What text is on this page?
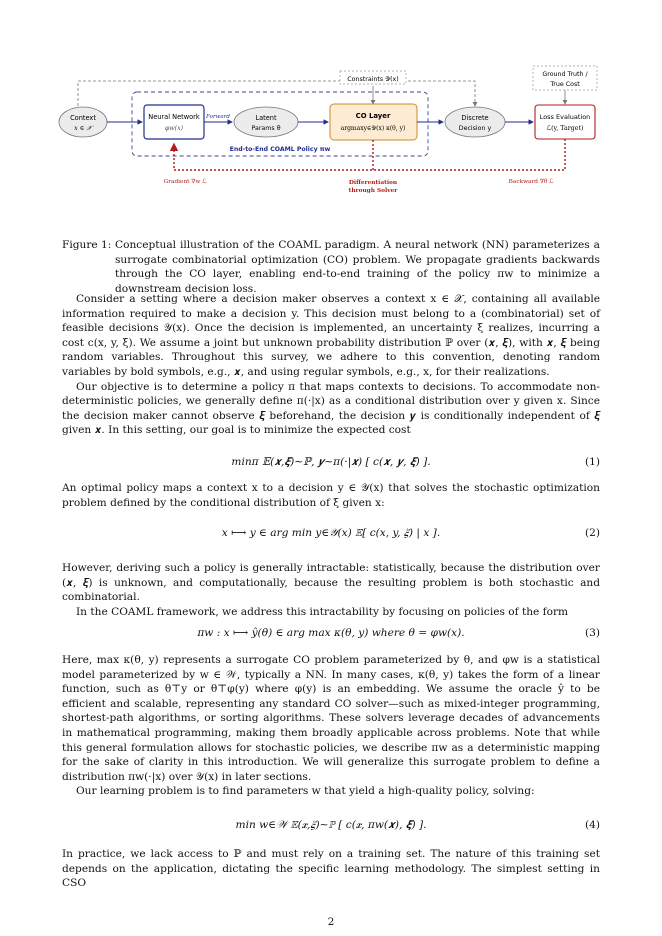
Constraints 𝒴(x)
Ground Truth /
True Cost
Context
x ∈ 𝒳
Neural Network
φw(x)
Latent
Params θ
CO Layer
argmaxy∈𝒴(x) κ(θ, y)
Discrete
Decision y
Loss Evaluation
ℒ(y, Target)
Forward
End-to-End COAML Policy πw
Gradient ∇w ℒ	Differentiation
through Solver
Backward ∇θ ℒ
Figure 1: Conceptual illustration of the COAML paradigm. A neural network (NN) parameterizes a surrogate combinatorial optimization (CO) problem. We propagate gradients backwards through the CO layer, enabling end-to-end training of the policy πw to minimize a downstream decision loss.

Consider a setting where a decision maker observes a context x ∈ 𝒳, containing all available information required to make a decision y. This decision must belong to a (combinatorial) set of feasible decisions 𝒴(x). Once the decision is implemented, an uncertainty ξ realizes, incurring a cost c(x, y, ξ). We assume a joint but unknown probability distribution ℙ over (𝒙, 𝝃), with 𝒙, 𝝃 being random variables. Throughout this survey, we adhere to this convention, denoting random variables by bold symbols, e.g., 𝒙, and using regular symbols, e.g., x, for their realizations.

Our objective is to determine a policy π that maps contexts to decisions. To accommodate non-deterministic policies, we generally define π(·|x) as a conditional distribution over y given x. Since the decision maker cannot observe 𝝃 beforehand, the decision 𝒚 is conditionally independent of 𝝃 given 𝒙. In this setting, our goal is to minimize the expected cost

min𝜋 𝔼(𝒙,𝝃)∼ℙ, 𝒚∼π(·|𝒙) [ c(𝒙, 𝒚, 𝝃) ].	(1)

An optimal policy maps a context x to a decision y ∈ 𝒴(x) that solves the stochastic optimization problem defined by the conditional distribution of ξ given x:

x ⟼ y ∈ arg min y∈𝒴(x) 𝔼[ c(x, y, 𝝃) | x ].	(2)

However, deriving such a policy is generally intractable: statistically, because the distribution over (𝒙, 𝝃) is unknown, and computationally, because the resulting problem is both stochastic and combinatorial.

In the COAML framework, we address this intractability by focusing on policies of the form

πw : x ⟼ ŷ(θ) ∈ arg max κ(θ, y) where θ = φw(x).	(3)

Here, max κ(θ, y) represents a surrogate CO problem parameterized by θ, and φw is a statistical model parameterized by w ∈ 𝒲, typically a NN. In many cases, κ(θ, y) takes the form of a linear function, such as θ⊤y or θ⊤φ(y) where φ(y) is an embedding. We assume the oracle ŷ to be efficient and scalable, representing any standard CO solver—such as mixed-integer programming, shortest-path algorithms, or sorting algorithms. These solvers leverage decades of advancements in mathematical programming, making them broadly applicable across problems. Note that while this general formulation allows for stochastic policies, we describe πw as a deterministic mapping for the sake of clarity in this introduction. We will generalize this surrogate problem to define a distribution πw(·|x) over 𝒴(x) in later sections.

Our learning problem is to find parameters w that yield a high-quality policy, solving:

min w∈𝒲 𝔼(𝒙,𝝃)∼ℙ [ c(𝒙, πw(𝒙), 𝝃) ].	(4)

In practice, we lack access to ℙ and must rely on a training set. The nature of this training set depends on the application, dictating the specific learning methodology. The simplest setting in CSO

2
